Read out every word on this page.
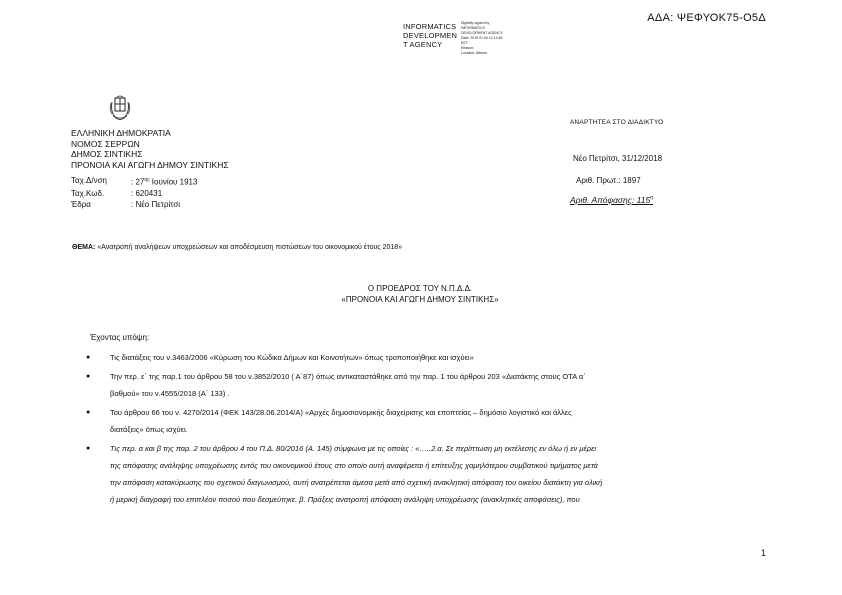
ΑΔΑ: ΨΕΦΥΟΚ75-Ο5Δ
INFORMATICS
DEVELOPMEN
T AGENCY
Digitally signed by
INFORMATICS
DEVELOPMENT AGENCY
Date: 2019.01.04 12:14:48
EET
Reason:
Location: Athens
ΑΝΑΡΤΗΤΕΑ ΣΤΟ ΔΙΑΔΙΚΤΥΟ
ΕΛΛΗΝΙΚΗ ΔΗΜΟΚΡΑΤΙΑ
ΝΟΜΟΣ ΣΕΡΡΩΝ
ΔΗΜΟΣ ΣΙΝΤΙΚΗΣ
ΠΡΟΝΟΙΑ ΚΑΙ ΑΓΩΓΗ ΔΗΜΟΥ ΣΙΝΤΙΚΗΣ
Ταχ.Δ/νση	: $27^{\eta\varsigma}$ Ιουνίου 1913
Ταχ.Κωδ.	: 620431
Έδρα	: Νέο Πετρίτσι
Νέο Πετρίτσι, 31/12/2018
Αριθ. Πρωτ.: 1897
Αριθ. Απόφασης: $115^\eta$
ΘΕΜΑ: «Ανατροπή αναλήψεων υποχρεώσεων και αποδέσμευση πιστώσεων του οικονομικού έτους 2018»
Ο ΠΡΟΕΔΡΟΣ ΤΟΥ Ν.Π.Δ.Δ.
«ΠΡΟΝΟΙΑ ΚΑΙ ΑΓΩΓΗ ΔΗΜΟΥ ΣΙΝΤΙΚΗΣ»
Έχοντας υπόψη:
●	Τις διατάξεις του ν.3463/2006 «Κύρωση του Κώδικα Δήμων και Κοινοτήτων» όπως τροποποιήθηκε και ισχύει»
●	Την περ. ε΄ της παρ.1 του άρθρου 58 του ν.3852/2010 ( Α΄87) όπως αντικαταστάθηκε από την παρ. 1 του άρθρου 203 «Διατάκτης στους ΟΤΑ α΄
βαθμού» του ν.4555/2018 (Α΄ 133) .
●	Του άρθρου 66 του ν. 4270/2014 (ΦΕΚ 143/28.06.2014/Α) «Αρχές δημοσιονομικής διαχείρισης και εποπτείας – δημόσιο λογιστικό και άλλες
διατάξεις» όπως ισχύει.
●	Τις περ. α και β της παρ. 2 του άρθρου 4 του Π.Δ. 80/2016 (Α. 145) σύμφωνα με τις οποίες : «…..2.α. Σε περίπτωση μη εκτέλεσης εν όλω ή εν μέρει
της απόφασης ανάληψης υποχρέωσης εντός του οικονομικού έτους στο οποίο αυτή αναφέρεται ή επίτευξης χαμηλότερου συμβατικού τιμήματος μετά
την απόφαση κατακύρωσης του σχετικού διαγωνισμού, αυτή ανατρέπεται άμεσα μετά από σχετική ανακλητική απόφαση του οικείου διατάκτη για ολική
ή μερική διαγραφή του επιπλέον ποσού που δεσμεύτηκε. β. Πράξεις ανατροπή απόφαση ανάληψη υποχρέωσης (ανακλητικές αποφάσεις), που
1
